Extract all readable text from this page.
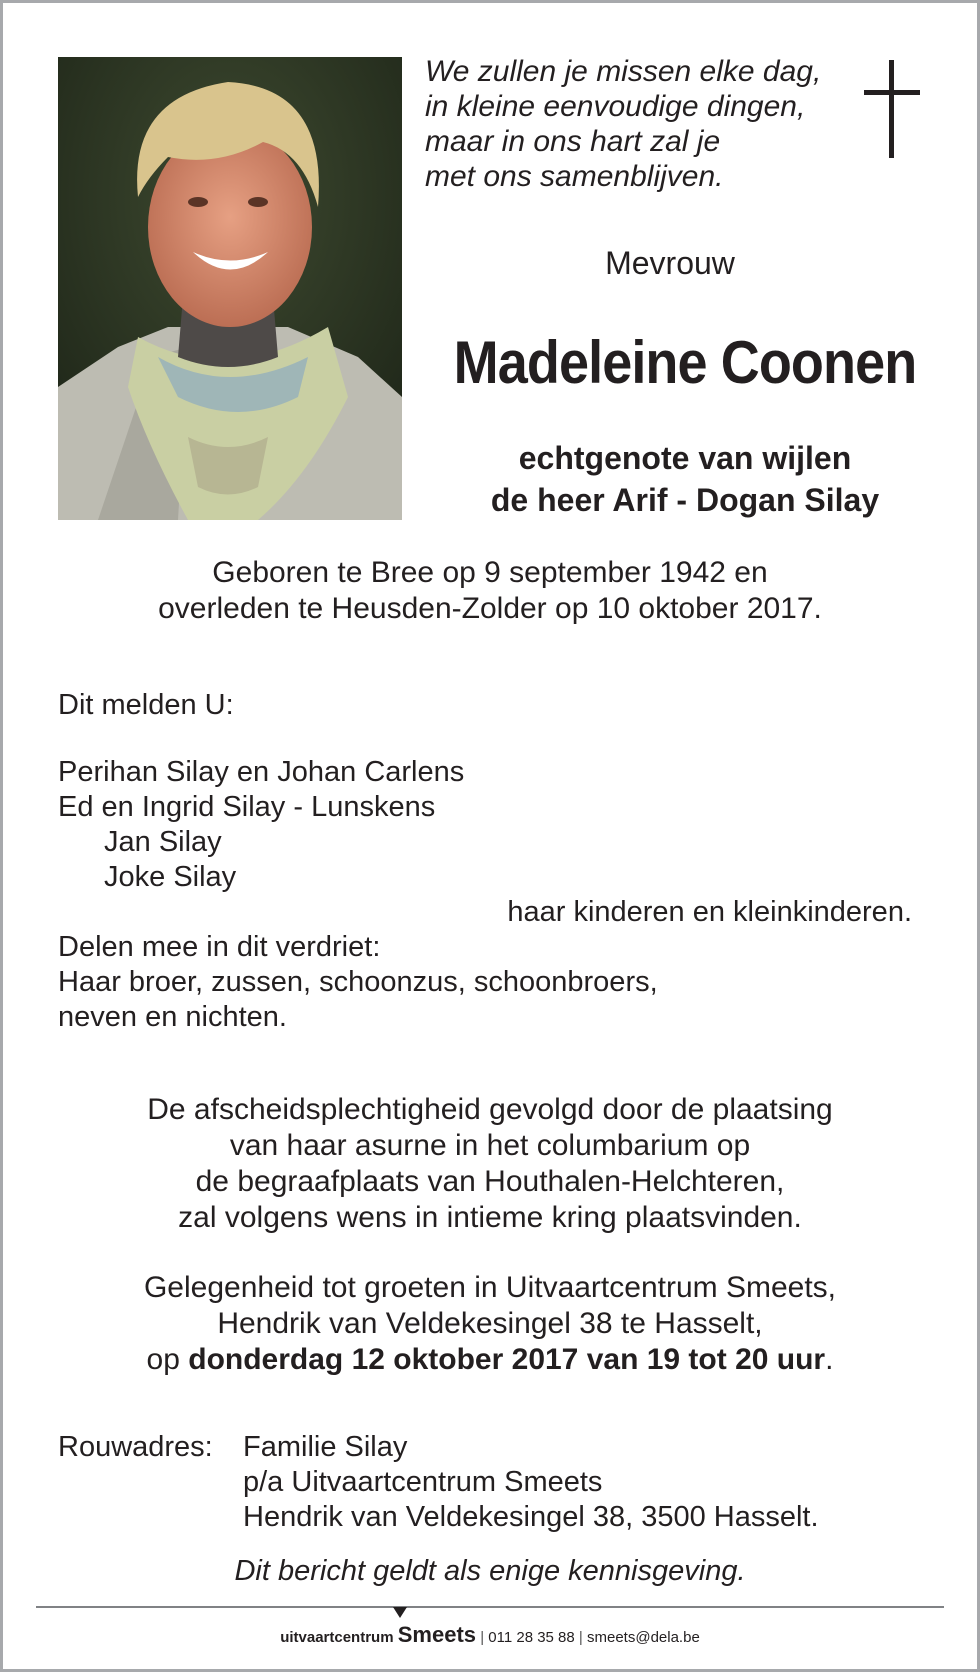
We zullen je missen elke dag,
in kleine eenvoudige dingen,
maar in ons hart zal je
met ons samenblijven.
Mevrouw
Madeleine Coonen
echtgenote van wijlen
de heer Arif - Dogan Silay
Geboren te Bree op 9 september 1942 en
overleden te Heusden-Zolder op 10 oktober 2017.
Dit melden U:
Perihan Silay en Johan Carlens
Ed en Ingrid Silay - Lunskens
Jan Silay
Joke Silay
haar kinderen en kleinkinderen.
Delen mee in dit verdriet:
Haar broer, zussen, schoonzus, schoonbroers,
neven en nichten.
De afscheidsplechtigheid gevolgd door de plaatsing
van haar asurne in het columbarium op
de begraafplaats van Houthalen-Helchteren,
zal volgens wens in intieme kring plaatsvinden.
Gelegenheid tot groeten in Uitvaartcentrum Smeets,
Hendrik van Veldekesingel 38 te Hasselt,
op donderdag 12 oktober 2017 van 19 tot 20 uur.
Rouwadres:	Familie Silay
p/a Uitvaartcentrum Smeets
Hendrik van Veldekesingel 38, 3500 Hasselt.
Dit bericht geldt als enige kennisgeving.
uitvaartcentrum Smeets | 011 28 35 88 | smeets@dela.be
